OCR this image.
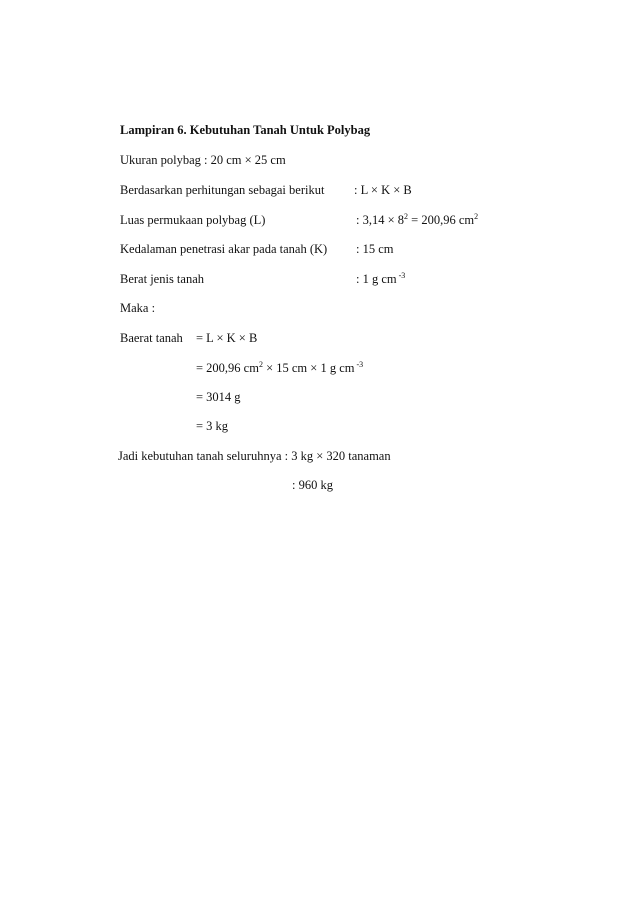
Lampiran 6. Kebutuhan Tanah Untuk Polybag
Ukuran polybag : 20 cm × 25 cm
Berdasarkan perhitungan sebagai berikut : L × K × B
Luas permukaan polybag (L)	: $3,14 \times 8^2 = 200,96$ $cm^2$
Kedalaman penetrasi akar pada tanah (K) : 15 cm
Berat jenis tanah	: 1 g cm $^{-3}$
Maka :
Baerat tanah = L × K × B
= 200,96 $cm^2 \times 15$ cm × 1 g cm $^{-3}$
= 3014 g
= 3 kg
Jadi kebutuhan tanah seluruhnya : 3 kg × 320 tanaman
: 960 kg
